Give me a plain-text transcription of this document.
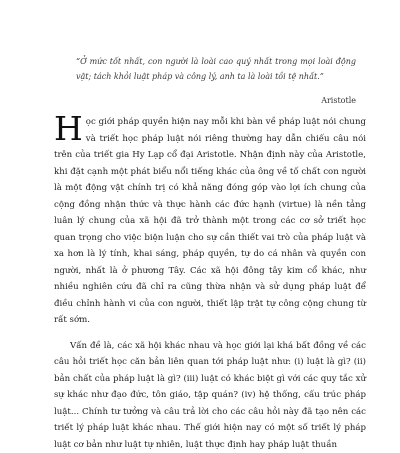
“Ở mức tốt nhất, con người là loài cao quý nhất trong mọi loài động vật; tách khỏi luật pháp và công lý, anh ta là loài tồi tệ nhất.”
Aristotle

Học giới pháp quyền hiện nay mỗi khi bàn về pháp luật nói chung và triết học pháp luật nói riêng thường hay dẫn chiếu câu nói trên của triết gia Hy Lạp cổ đại Aristotle. Nhận định này của Aristotle, khi đặt cạnh một phát biểu nổi tiếng khác của ông về tố chất con người là một động vật chính trị có khả năng đóng góp vào lợi ích chung của cộng đồng nhận thức và thực hành các đức hạnh (virtue) là nền tảng luân lý chung của xã hội đã trở thành một trong các cơ sở triết học quan trọng cho việc biện luận cho sự cần thiết vai trò của pháp luật và xa hơn là lý tính, khai sáng, pháp quyền, tự do cá nhân và quyền con người, nhất là ở phương Tây. Các xã hội đông tây kim cổ khác, như nhiều nghiên cứu đã chỉ ra cũng thừa nhận và sử dụng pháp luật để điều chỉnh hành vi của con người, thiết lập trật tự công cộng chung từ rất sớm.

Vấn đề là, các xã hội khác nhau và học giới lại khá bất đồng về các câu hỏi triết học căn bản liên quan tới pháp luật như: (i) luật là gì? (ii) bản chất của pháp luật là gì? (iii) luật có khác biệt gì với các quy tắc xử sự khác như đạo đức, tôn giáo, tập quán? (iv) hệ thống, cấu trúc pháp luật... Chính tư tưởng và câu trả lời cho các câu hỏi này đã tạo nên các triết lý pháp luật khác nhau. Thế giới hiện nay có một số triết lý pháp luật cơ bản như luật tự nhiên, luật thực định hay pháp luật thuần
